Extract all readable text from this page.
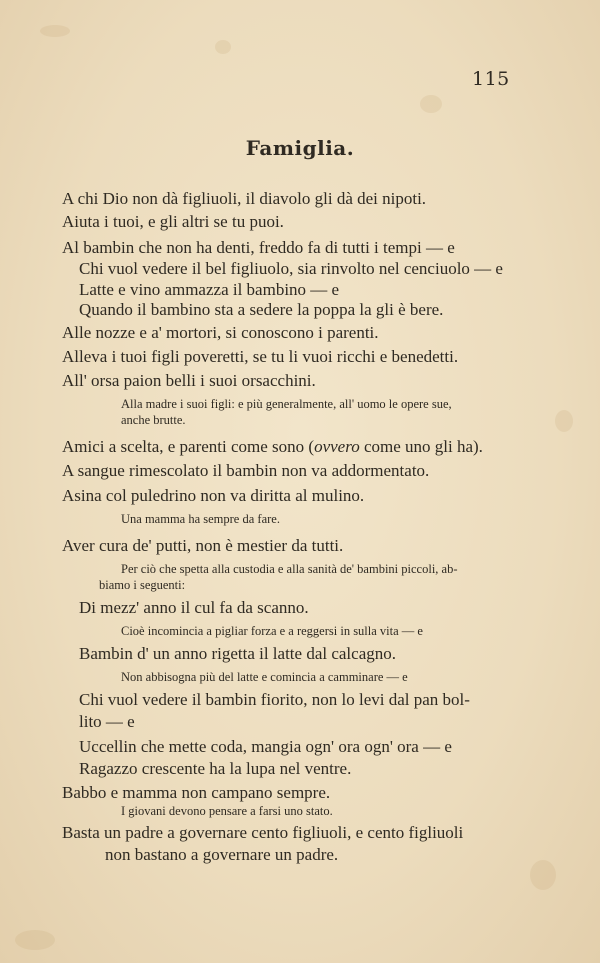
115
Famiglia.
A chi Dio non dà figliuoli, il diavolo gli dà dei nipoti.
Aiuta i tuoi, e gli altri se tu puoi.
Al bambin che non ha denti, freddo fa di tutti i tempi — e
Chi vuol vedere il bel figliuolo, sia rinvolto nel cenciuolo — e
Latte e vino ammazza il bambino — e
Quando il bambino sta a sedere la poppa la gli è bere.
Alle nozze e a' mortori, si conoscono i parenti.
Alleva i tuoi figli poveretti, se tu li vuoi ricchi e benedetti.
All' orsa paion belli i suoi orsacchini.
Alla madre i suoi figli: e più generalmente, all' uomo le opere sue,
anche brutte.
Amici a scelta, e parenti come sono (ovvero come uno gli ha).
A sangue rimescolato il bambin non va addormentato.
Asina col puledrino non va diritta al mulino.
Una mamma ha sempre da fare.
Aver cura de' putti, non è mestier da tutti.
Per ciò che spetta alla custodia e alla sanità de' bambini piccoli, ab-
biamo i seguenti:
Di mezz' anno il cul fa da scanno.
Cioè incomincia a pigliar forza e a reggersi in sulla vita — e
Bambin d' un anno rigetta il latte dal calcagno.
Non abbisogna più del latte e comincia a camminare — e
Chi vuol vedere il bambin fiorito, non lo levi dal pan bol-
lito — e
Uccellin che mette coda, mangia ogn' ora ogn' ora — e
Ragazzo crescente ha la lupa nel ventre.
Babbo e mamma non campano sempre.
I giovani devono pensare a farsi uno stato.
Basta un padre a governare cento figliuoli, e cento figliuoli
non bastano a governare un padre.
